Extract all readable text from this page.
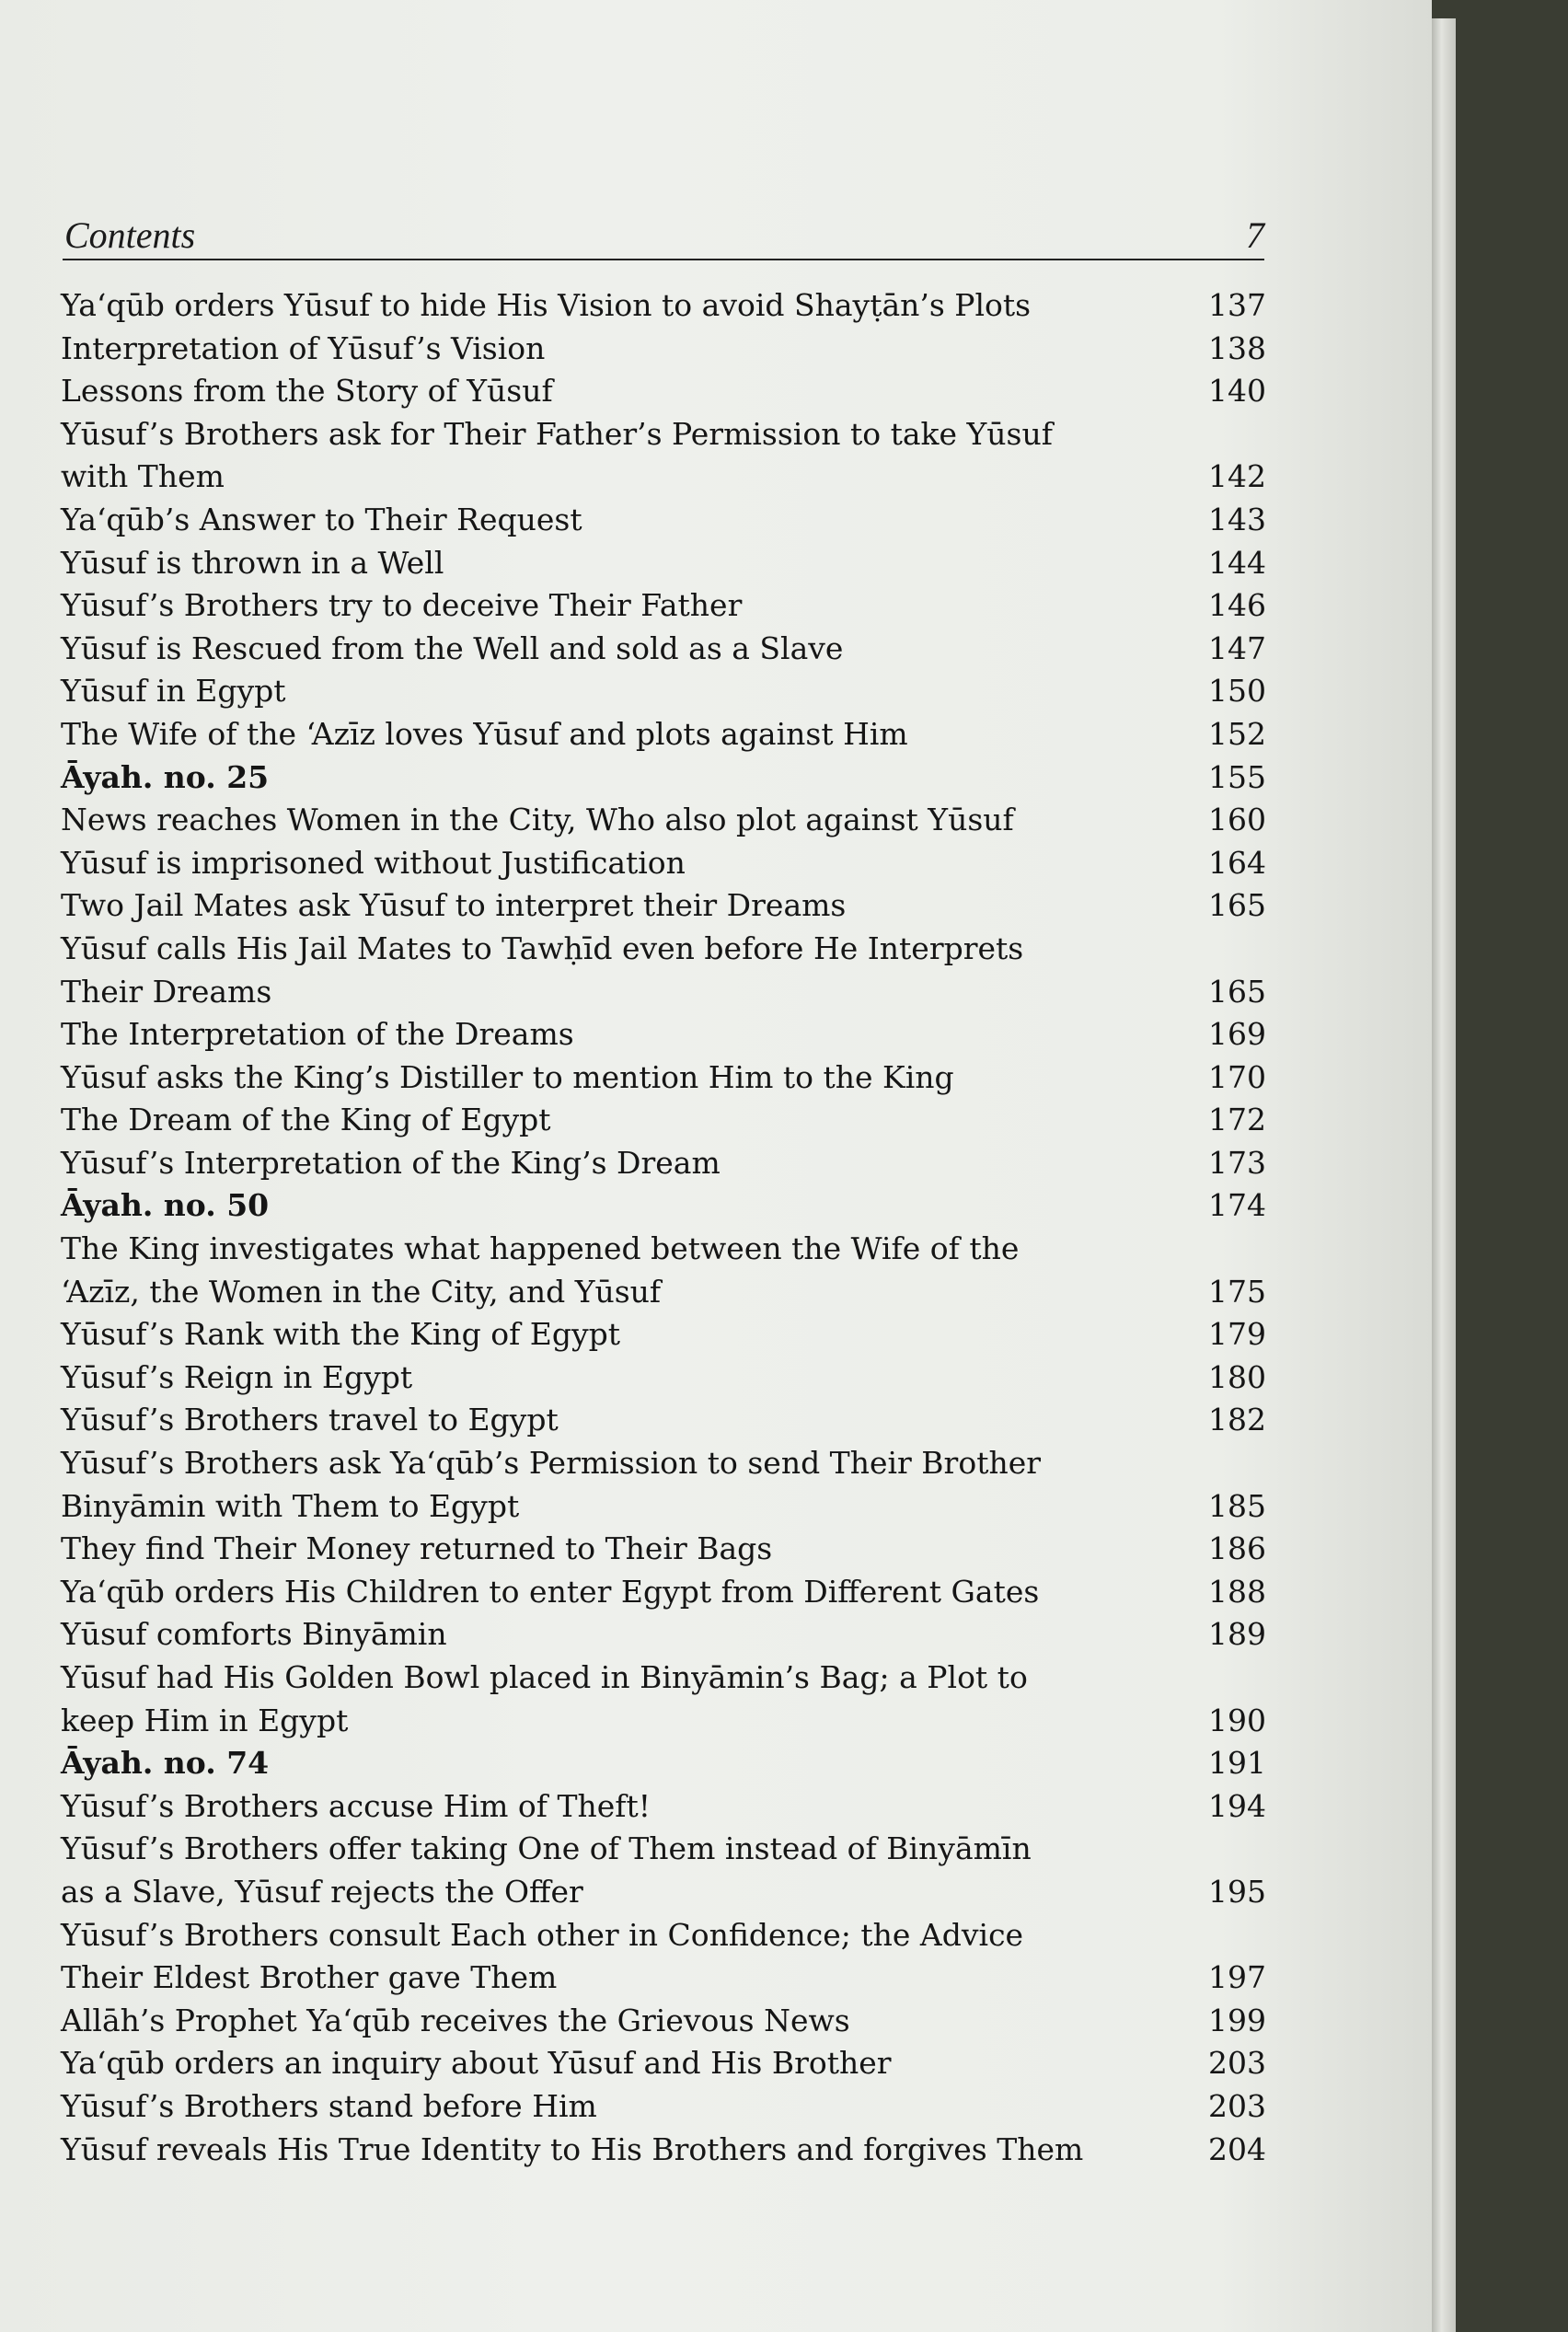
Contents	7
Ya‘qūb orders Yūsuf to hide His Vision to avoid Shayṭān’s Plots	137
Interpretation of Yūsuf’s Vision	138
Lessons from the Story of Yūsuf	140
Yūsuf’s Brothers ask for Their Father’s Permission to take Yūsuf
with Them	142
Ya‘qūb’s Answer to Their Request	143
Yūsuf is thrown in a Well	144
Yūsuf’s Brothers try to deceive Their Father	146
Yūsuf is Rescued from the Well and sold as a Slave	147
Yūsuf in Egypt	150
The Wife of the ‘Azīz loves Yūsuf and plots against Him	152
Āyah. no. 25	155
News reaches Women in the City, Who also plot against Yūsuf	160
Yūsuf is imprisoned without Justification	164
Two Jail Mates ask Yūsuf to interpret their Dreams	165
Yūsuf calls His Jail Mates to Tawḥīd even before He Interprets
Their Dreams	165
The Interpretation of the Dreams	169
Yūsuf asks the King’s Distiller to mention Him to the King	170
The Dream of the King of Egypt	172
Yūsuf’s Interpretation of the King’s Dream	173
Āyah. no. 50	174
The King investigates what happened between the Wife of the
‘Azīz, the Women in the City, and Yūsuf	175
Yūsuf’s Rank with the King of Egypt	179
Yūsuf’s Reign in Egypt	180
Yūsuf’s Brothers travel to Egypt	182
Yūsuf’s Brothers ask Ya‘qūb’s Permission to send Their Brother
Binyāmin with Them to Egypt	185
They find Their Money returned to Their Bags	186
Ya‘qūb orders His Children to enter Egypt from Different Gates	188
Yūsuf comforts Binyāmin	189
Yūsuf had His Golden Bowl placed in Binyāmin’s Bag; a Plot to
keep Him in Egypt	190
Āyah. no. 74	191
Yūsuf’s Brothers accuse Him of Theft!	194
Yūsuf’s Brothers offer taking One of Them instead of Binyāmīn
as a Slave, Yūsuf rejects the Offer	195
Yūsuf’s Brothers consult Each other in Confidence; the Advice
Their Eldest Brother gave Them	197
Allāh’s Prophet Ya‘qūb receives the Grievous News	199
Ya‘qūb orders an inquiry about Yūsuf and His Brother	203
Yūsuf’s Brothers stand before Him	203
Yūsuf reveals His True Identity to His Brothers and forgives Them	204
